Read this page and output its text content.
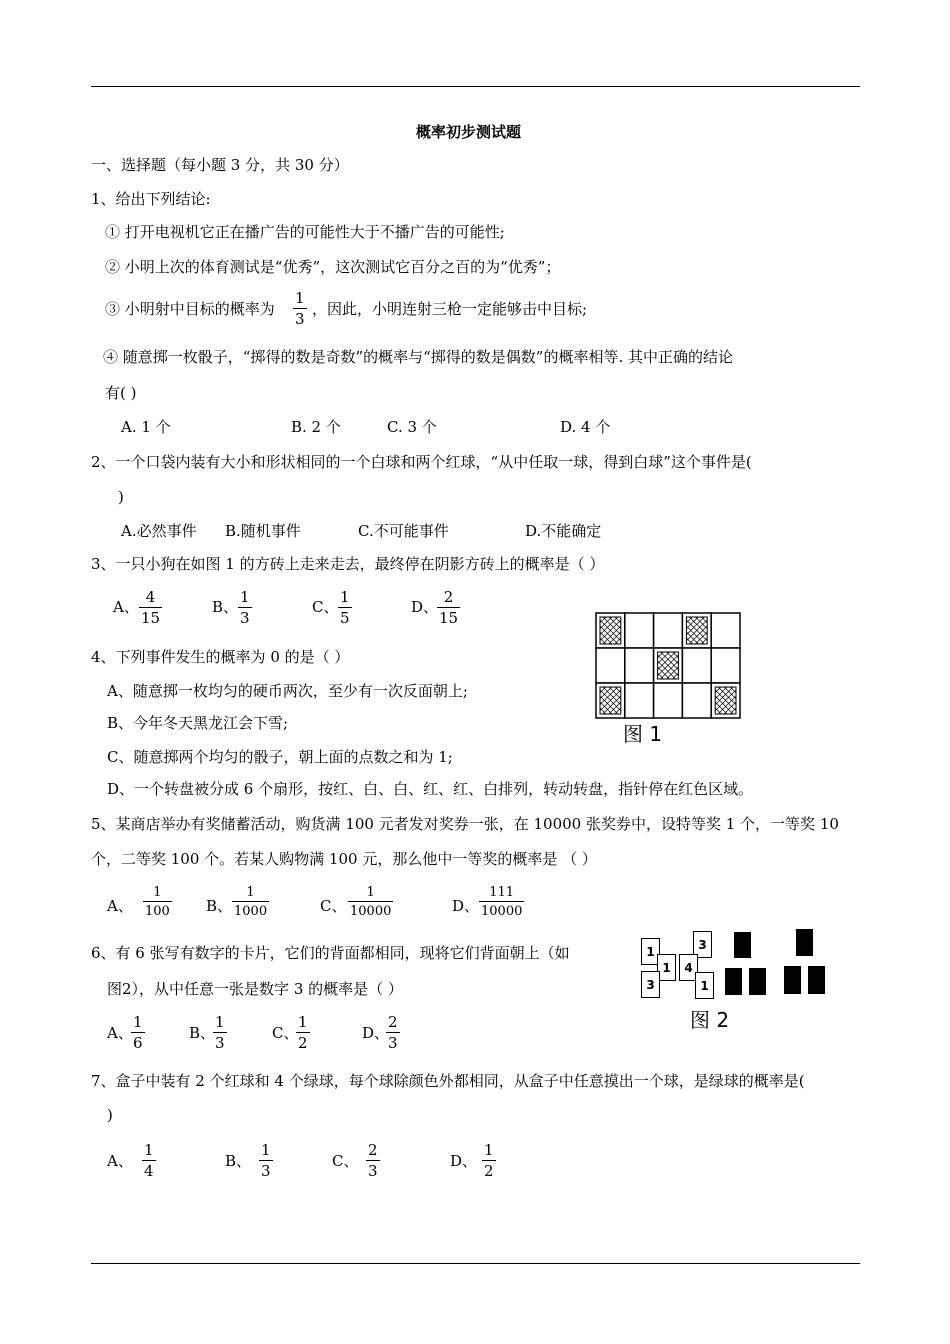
概率初步测试题
一、选择题（每小题 3 分，共 30 分）
1、给出下列结论:
① 打开电视机它正在播广告的可能性大于不播广告的可能性;
② 小明上次的体育测试是“优秀”，这次测试它百分之百的为“优秀”；
③ 小明射中目标的概率为 $\frac{1}{3}$ ，因此，小明连射三枪一定能够击中目标;
④ 随意掷一枚骰子，“掷得的数是奇数”的概率与“掷得的数是偶数”的概率相等. 其中正确的结论
有( )
A. 1 个	B. 2 个	C. 3 个	D. 4 个
2、一个口袋内装有大小和形状相同的一个白球和两个红球，“从中任取一球，得到白球”这个事件是(
)
A.必然事件 B.随机事件	C.不可能事件	D.不能确定
3、一只小狗在如图 1 的方砖上走来走去，最终停在阴影方砖上的概率是（ ）
A、 $\frac{4}{15}$	B、 $\frac{1}{3}$	C、 $\frac{1}{5}$	D、
$\frac{2}{15}$
图 1
4、下列事件发生的概率为 0 的是（ ）
A、随意掷一枚均匀的硬币两次，至少有一次反面朝上;
B、今年冬天黑龙江会下雪;
C、随意掷两个均匀的骰子，朝上面的点数之和为 1;
D、一个转盘被分成 6 个扇形，按红、白、白、红、红、白排列，转动转盘，指针停在红色区域。
5、某商店举办有奖储蓄活动，购货满 100 元者发对奖券一张，在 10000 张奖券中，设特等奖 1 个，一等奖 10
个，二等奖 100 个。若某人购物满 100 元，那么他中一等奖的概率是 （ ）
A、 $\frac{1}{100}$ B、 $\frac{1}{1000}$	C、 $\frac{1}{10000}$	D、 $\frac{111}{10000}$
6、有 6 张写有数字的卡片，它们的背面都相同，现将它们背面朝上（如
图2），从中任意一张是数字 3 的概率是（ ）
A、
$\frac{1}{6}$	B、
$\frac{1}{3}$	C、
$\frac{1}{2}$	D、
$\frac{2}{3}$
1
1
3
3
4
1
图 2
7、盒子中装有 2 个红球和 4 个绿球，每个球除颜色外都相同，从盒子中任意摸出一个球，是绿球的概率是(
)
A、 $\frac{1}{4}$	B、 $\frac{1}{3}$	C、 $\frac{2}{3}$	D、 $\frac{1}{2}$
